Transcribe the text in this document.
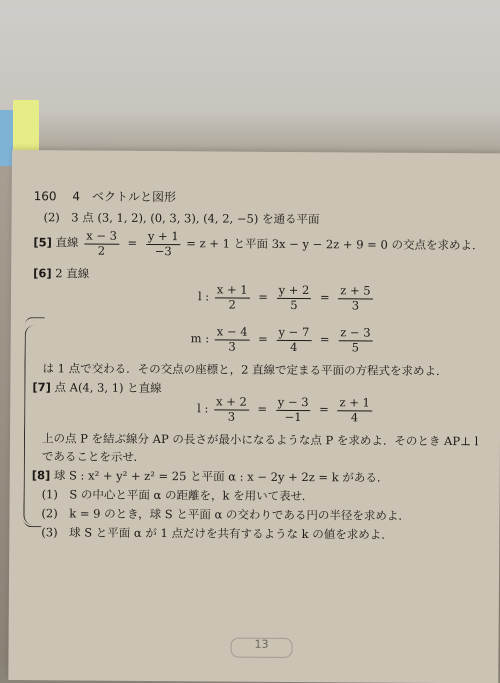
160 4　ベクトルと図形
(2)　3 点 (3, 1, 2), (0, 3, 3), (4, 2, −5) を通る平面
[5] 直線 $\frac{x - 3}{2} = \frac{y + 1}{-3} = z + 1$ と平面 3x − y − 2z + 9 = 0 の交点を求めよ．
[6] 2 直線
l : $\frac{x + 1}{2} = \frac{y + 2}{5} = \frac{z + 5}{3}$
m : $\frac{x - 4}{3} = \frac{y - 7}{4} = \frac{z - 3}{5}$
は 1 点で交わる．その交点の座標と，2 直線で定まる平面の方程式を求めよ．
[7] 点 A(4, 3, 1) と直線
l : $\frac{x + 2}{3} = \frac{y - 3}{-1} = \frac{z + 1}{4}$
上の点 P を結ぶ線分 AP の長さが最小になるような点 P を求めよ．そのとき AP⊥ l
であることを示せ．
[8] 球 S : x² + y² + z² = 25 と平面 α : x − 2y + 2z = k がある．
(1)　S の中心と平面 α の距離を，k を用いて表せ．
(2)　k = 9 のとき，球 S と平面 α の交わりである円の半径を求めよ．
(3)　球 S と平面 α が 1 点だけを共有するような k の値を求めよ．
13
